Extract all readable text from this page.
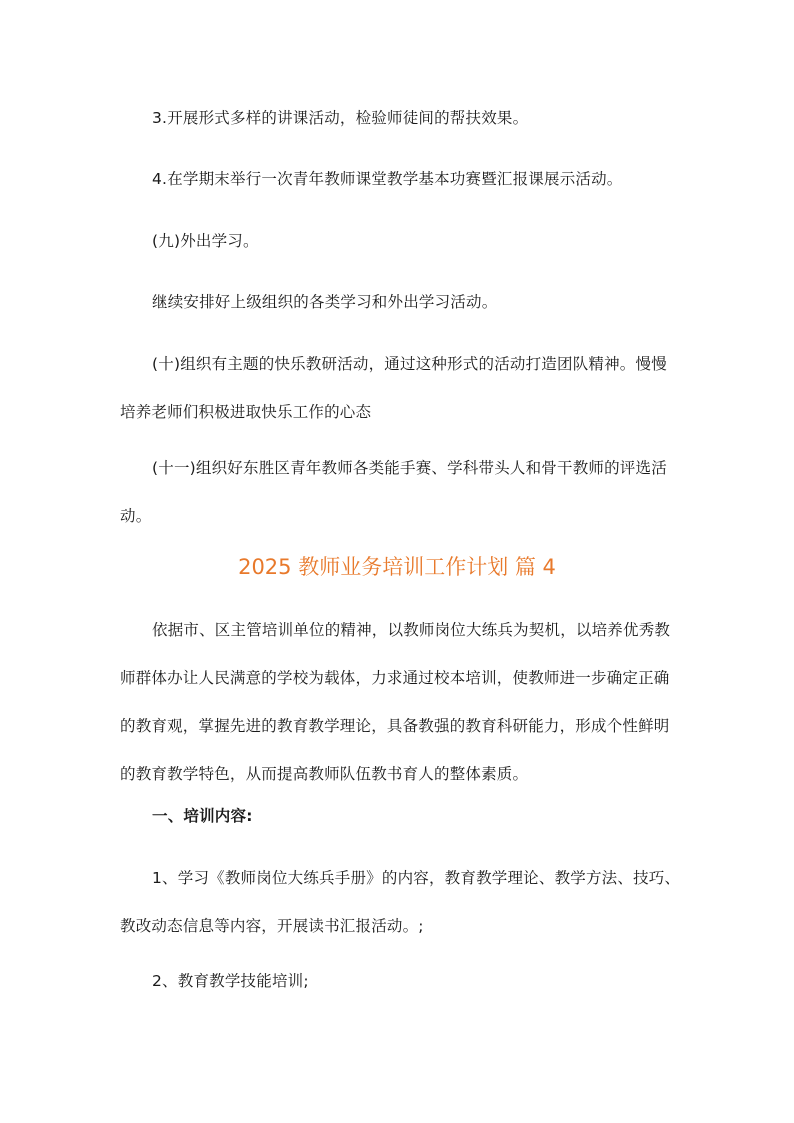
3.开展形式多样的讲课活动，检验师徒间的帮扶效果。

4.在学期末举行一次青年教师课堂教学基本功赛暨汇报课展示活动。

(九)外出学习。

继续安排好上级组织的各类学习和外出学习活动。

(十)组织有主题的快乐教研活动，通过这种形式的活动打造团队精神。慢慢
培养老师们积极进取快乐工作的心态

(十一)组织好东胜区青年教师各类能手赛、学科带头人和骨干教师的评选活
动。

2025 教师业务培训工作计划 篇 4

依据市、区主管培训单位的精神，以教师岗位大练兵为契机，以培养优秀教
师群体办让人民满意的学校为载体，力求通过校本培训，使教师进一步确定正确
的教育观，掌握先进的教育教学理论，具备教强的教育科研能力，形成个性鲜明
的教育教学特色，从而提高教师队伍教书育人的整体素质。

一、培训内容:

1、学习《教师岗位大练兵手册》的内容，教育教学理论、教学方法、技巧、
教改动态信息等内容，开展读书汇报活动。;

2、教育教学技能培训;
